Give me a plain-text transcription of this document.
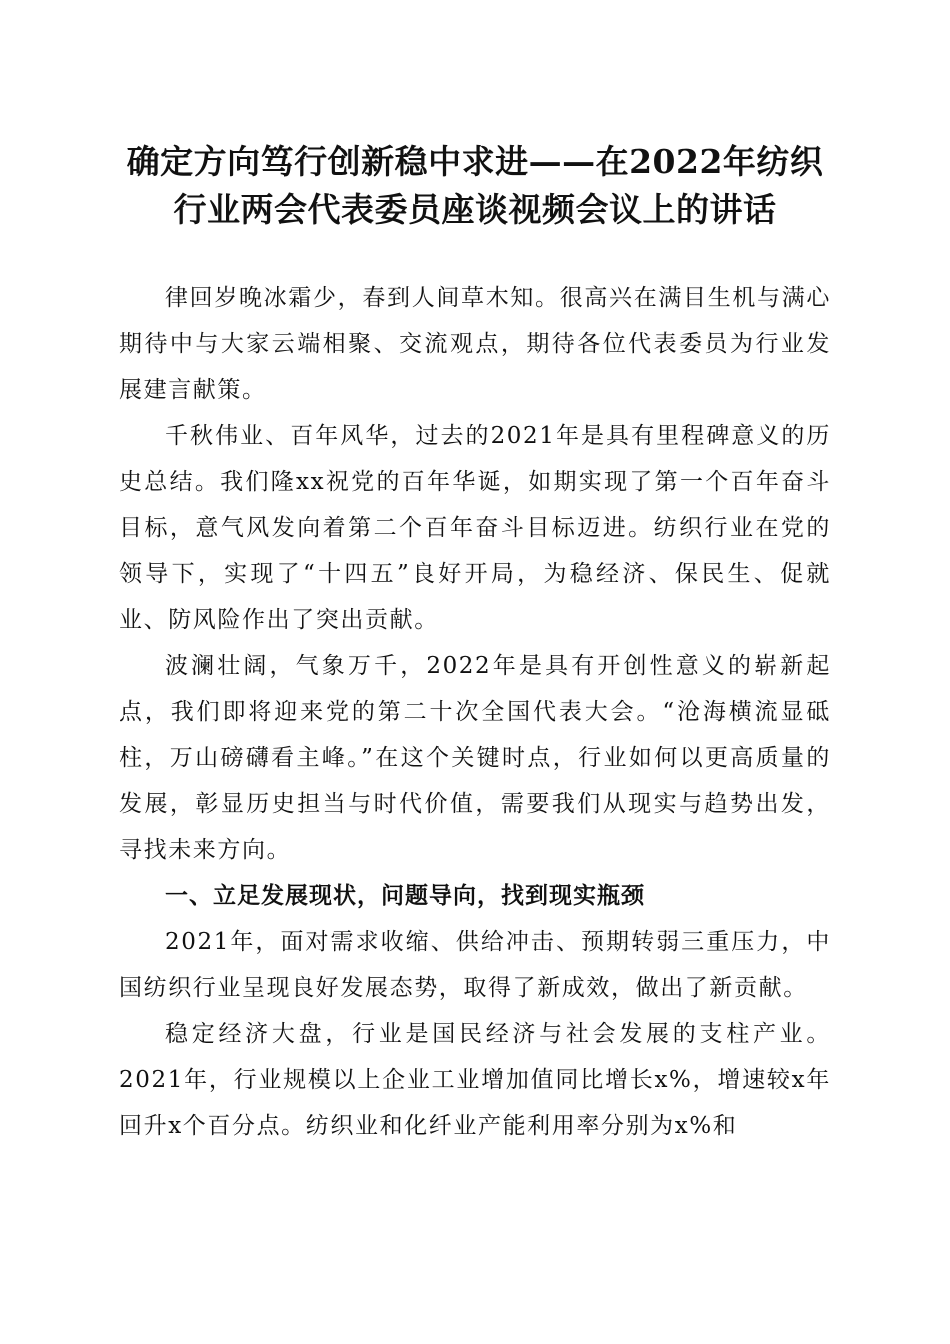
确定方向笃行创新稳中求进——在2022年纺织行业两会代表委员座谈视频会议上的讲话

律回岁晚冰霜少，春到人间草木知。很高兴在满目生机与满心期待中与大家云端相聚、交流观点，期待各位代表委员为行业发展建言献策。

千秋伟业、百年风华，过去的2021年是具有里程碑意义的历史总结。我们隆xx祝党的百年华诞，如期实现了第一个百年奋斗目标，意气风发向着第二个百年奋斗目标迈进。纺织行业在党的领导下，实现了“十四五”良好开局，为稳经济、保民生、促就业、防风险作出了突出贡献。

波澜壮阔，气象万千，2022年是具有开创性意义的崭新起点，我们即将迎来党的第二十次全国代表大会。“沧海横流显砥柱，万山磅礴看主峰。”在这个关键时点，行业如何以更高质量的发展，彰显历史担当与时代价值，需要我们从现实与趋势出发，寻找未来方向。

一、立足发展现状，问题导向，找到现实瓶颈

2021年，面对需求收缩、供给冲击、预期转弱三重压力，中国纺织行业呈现良好发展态势，取得了新成效，做出了新贡献。

稳定经济大盘，行业是国民经济与社会发展的支柱产业。2021年，行业规模以上企业工业增加值同比增长x%，增速较x年回升x个百分点。纺织业和化纤业产能利用率分别为x%和
